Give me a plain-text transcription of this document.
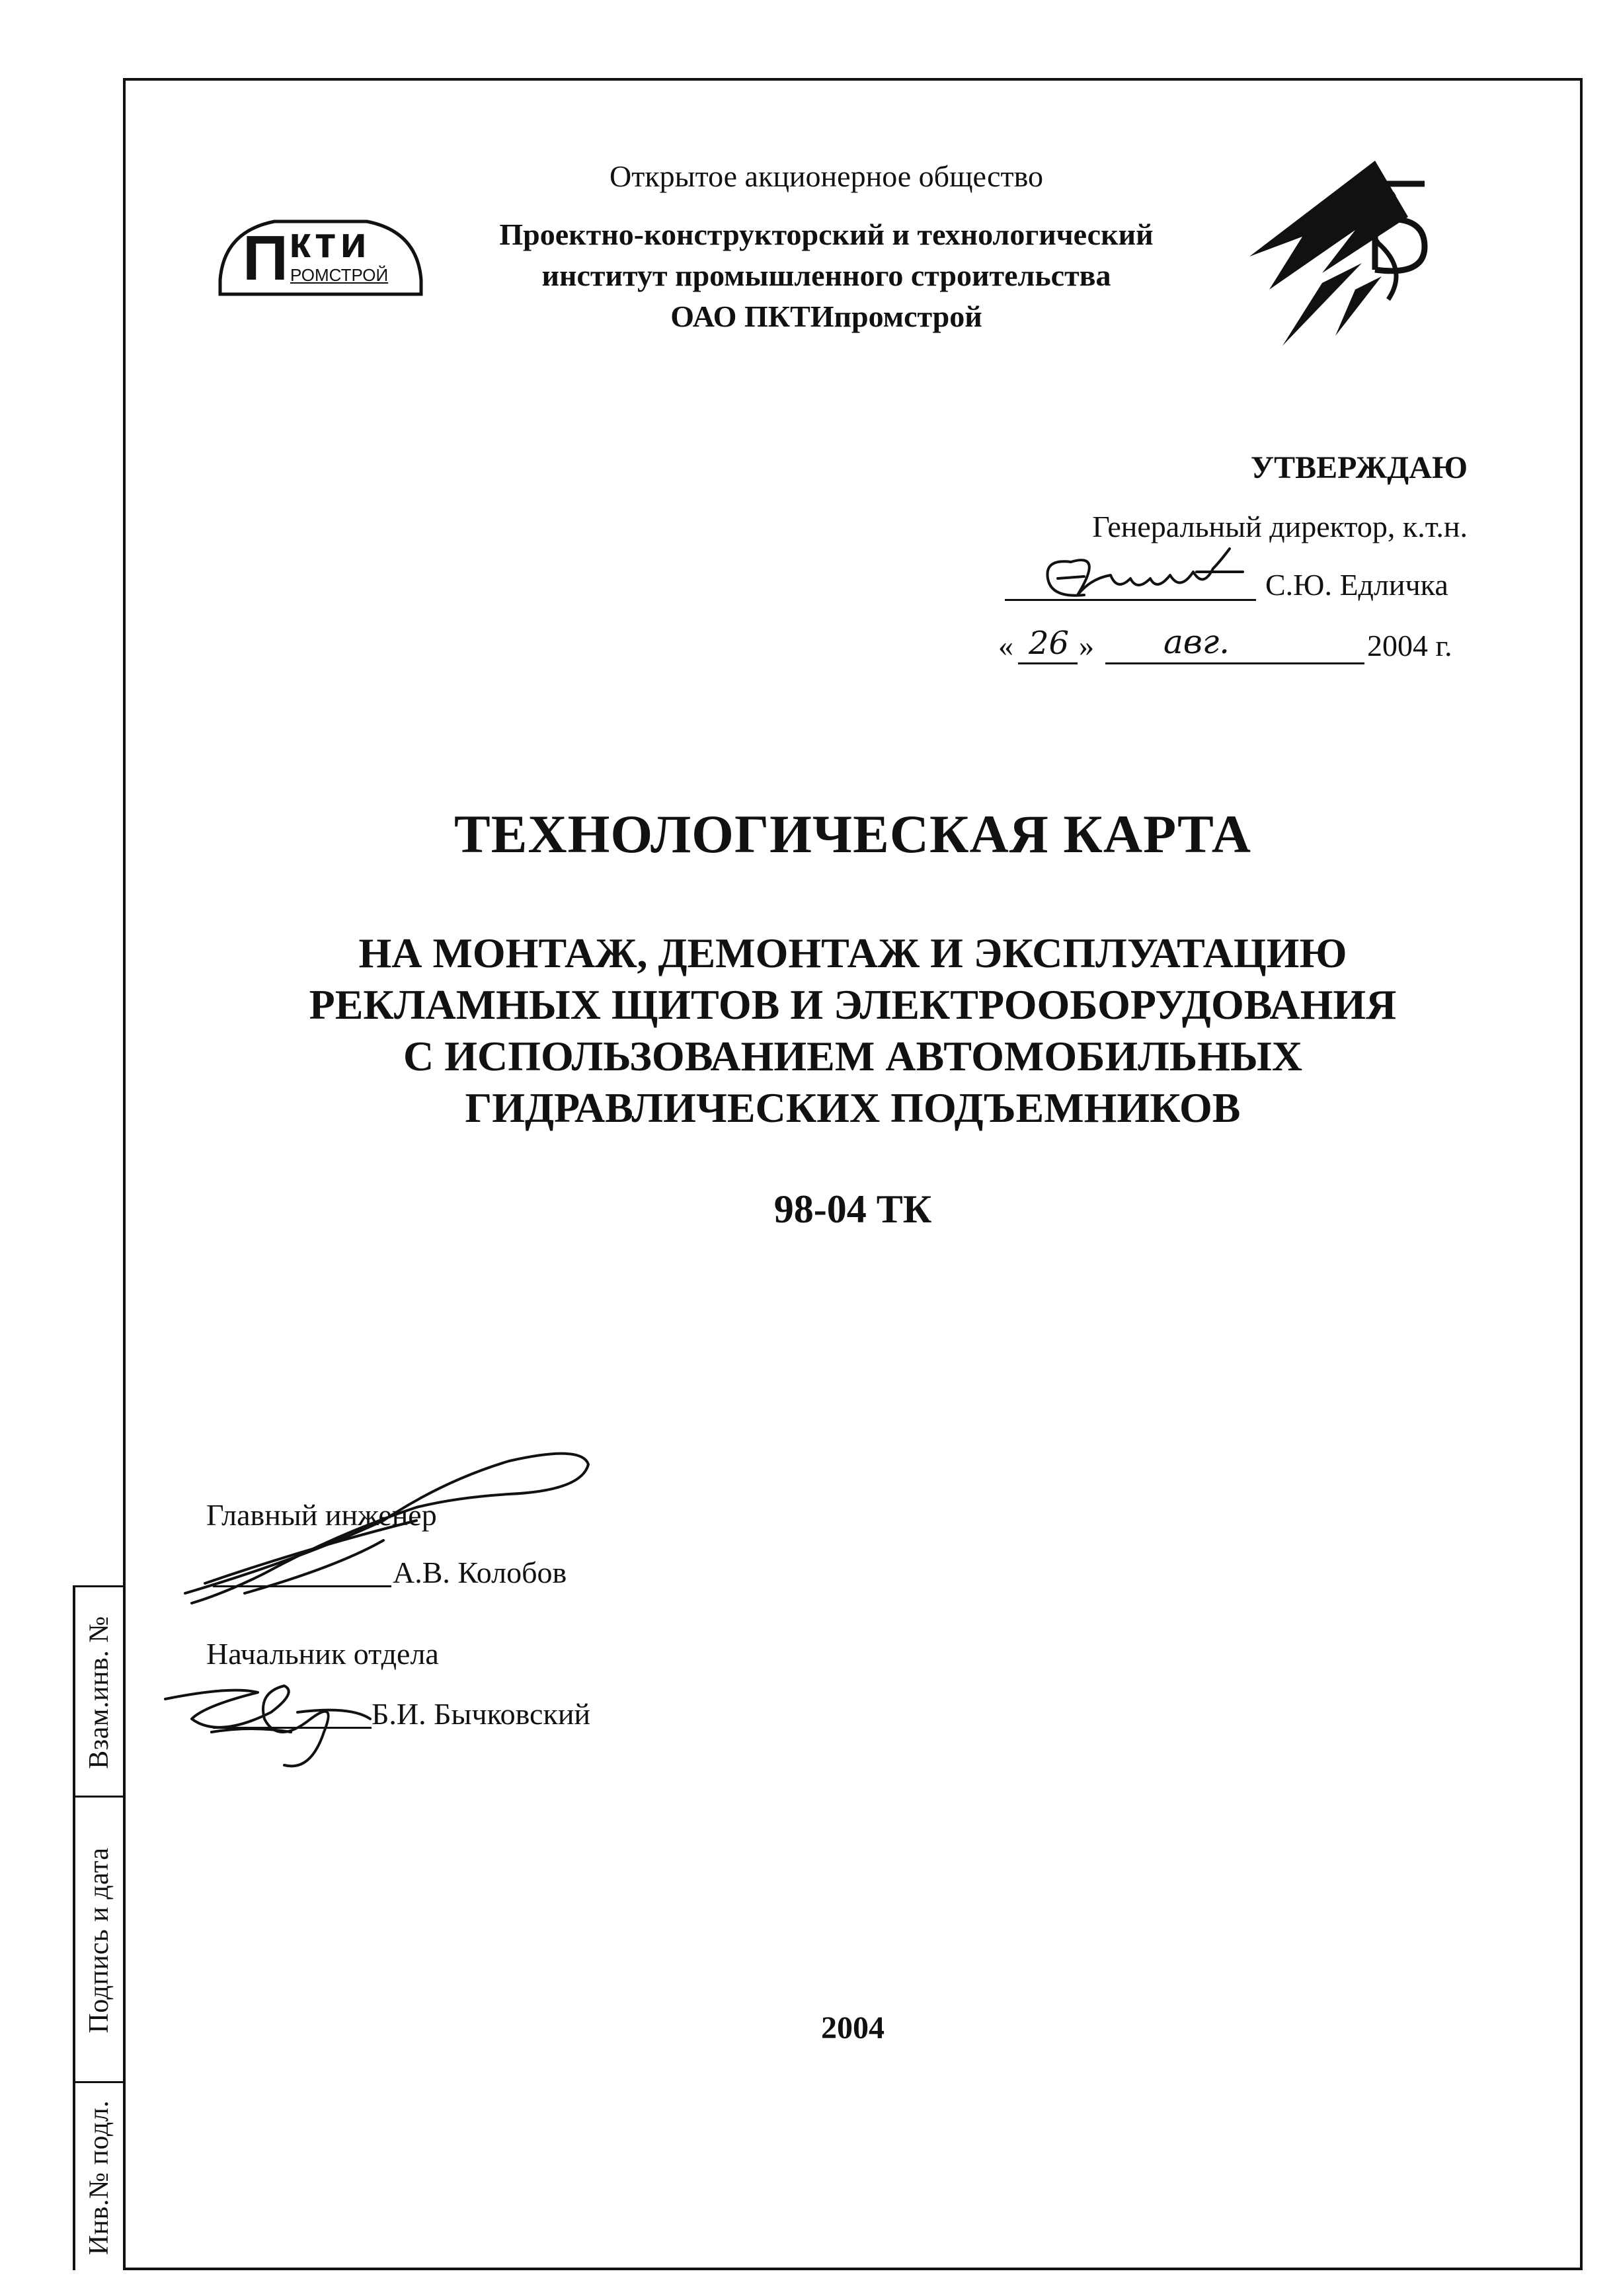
Взам.инв. №
Подпись и дата
Инв.№ подл.
П кти
РОМСТРОЙ
Открытое акционерное общество
Проектно-конструкторский и технологический
институт промышленного строительства
ОАО ПКТИпромстрой
УТВЕРЖДАЮ
Генеральный директор, к.т.н.
С.Ю. Едличка
« 26 » авг.	2004 г.
ТЕХНОЛОГИЧЕСКАЯ КАРТА
НА МОНТАЖ, ДЕМОНТАЖ И ЭКСПЛУАТАЦИЮ
РЕКЛАМНЫХ ЩИТОВ И ЭЛЕКТРООБОРУДОВАНИЯ
С ИСПОЛЬЗОВАНИЕМ АВТОМОБИЛЬНЫХ
ГИДРАВЛИЧЕСКИХ ПОДЪЕМНИКОВ
98-04 ТК
Главный инженер
А.В. Колобов
Начальник отдела
Б.И. Бычковский
2004
